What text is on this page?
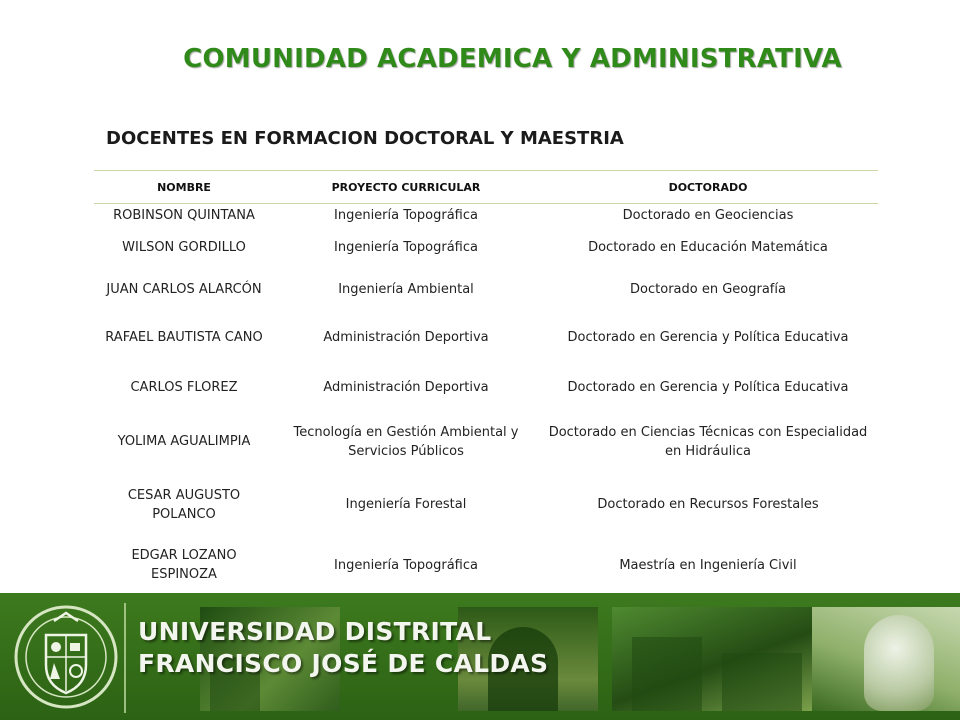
COMUNIDAD ACADEMICA Y ADMINISTRATIVA
DOCENTES EN FORMACION DOCTORAL Y MAESTRIA
NOMBRE	PROYECTO CURRICULAR	DOCTORADO
ROBINSON QUINTANA	Ingeniería Topográfica	Doctorado en Geociencias
WILSON GORDILLO	Ingeniería Topográfica	Doctorado en Educación Matemática
JUAN CARLOS ALARCÓN	Ingeniería Ambiental	Doctorado en Geografía
RAFAEL BAUTISTA CANO	Administración Deportiva	Doctorado en Gerencia y Política Educativa
CARLOS FLOREZ	Administración Deportiva	Doctorado en Gerencia y Política Educativa
YOLIMA AGUALIMPIA	Tecnología en Gestión Ambiental y Servicios Públicos	Doctorado en Ciencias Técnicas con Especialidad en Hidráulica
CESAR AUGUSTO POLANCO	Ingeniería Forestal	Doctorado en Recursos Forestales
EDGAR LOZANO ESPINOZA	Ingeniería Topográfica	Maestría en Ingeniería Civil
UNIVERSIDAD DISTRITAL
FRANCISCO JOSÉ DE CALDAS
